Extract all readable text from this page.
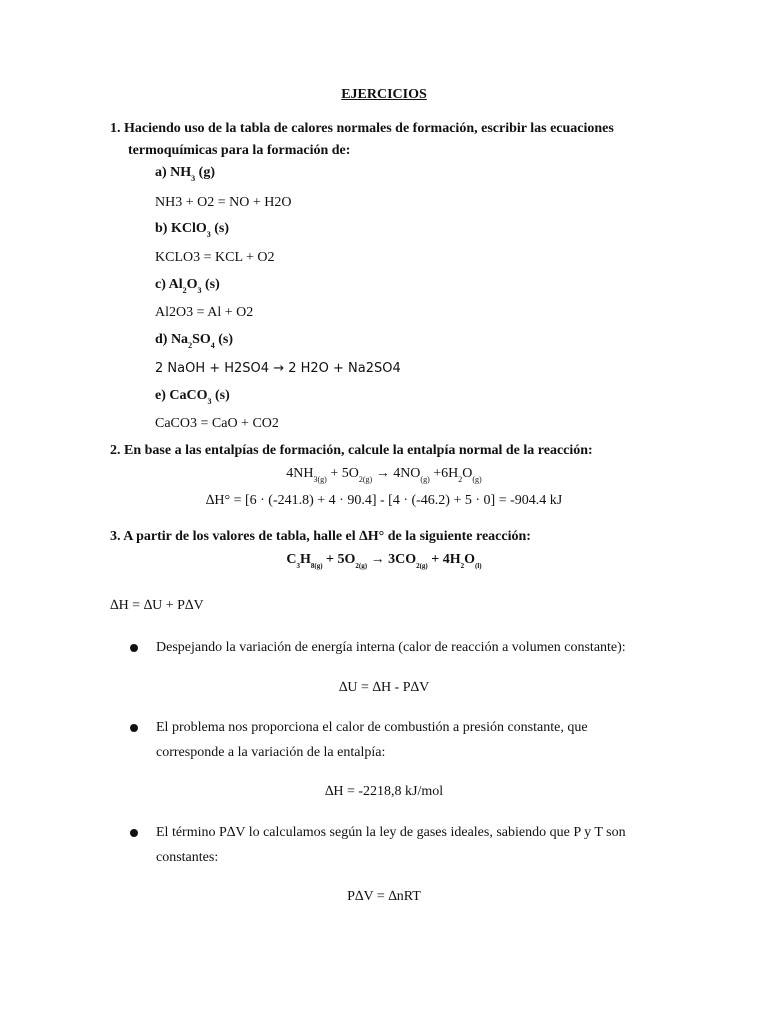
EJERCICIOS
1. Haciendo uso de la tabla de calores normales de formación, escribir las ecuaciones
termoquímicas para la formación de:
a) $NH_3$ (g)
NH3 + O2 = NO + H2O
b) KClO$_3$ (s)
KCLO3 = KCL + O2
c) $Al_2O_3$ (s)
Al2O3 = Al + O2
d) $Na_2SO_4$ (s)
2 NaOH + H2SO4 → 2 H2O + Na2SO4
e) CaCO$_3$ (s)
CaCO3 = CaO + CO2
2. En base a las entalpías de formación, calcule la entalpía normal de la reacción:
$4NH_{3(g)} + 5O_{2(g)} \to 4NO_{(g)} +6H_2O_{(g)}$
∆H° = [6 · (-241.8) + 4 · 90.4] - [4 · (-46.2) + 5 · 0] = -904.4 kJ
3. A partir de los valores de tabla, halle el ∆H° de la siguiente reacción:
$C_3H_{8(g)} + 5O_{2(g)} \to 3CO_{2(g)} + 4H_2O_{(l)}$
∆H = ∆U + P∆V
Despejando la variación de energía interna (calor de reacción a volumen constante):
∆U = ∆H - P∆V
El problema nos proporciona el calor de combustión a presión constante, que
corresponde a la variación de la entalpía:
∆H = -2218,8 kJ/mol
El término P∆V lo calculamos según la ley de gases ideales, sabiendo que P y T son
constantes:
P∆V = ∆nRT
